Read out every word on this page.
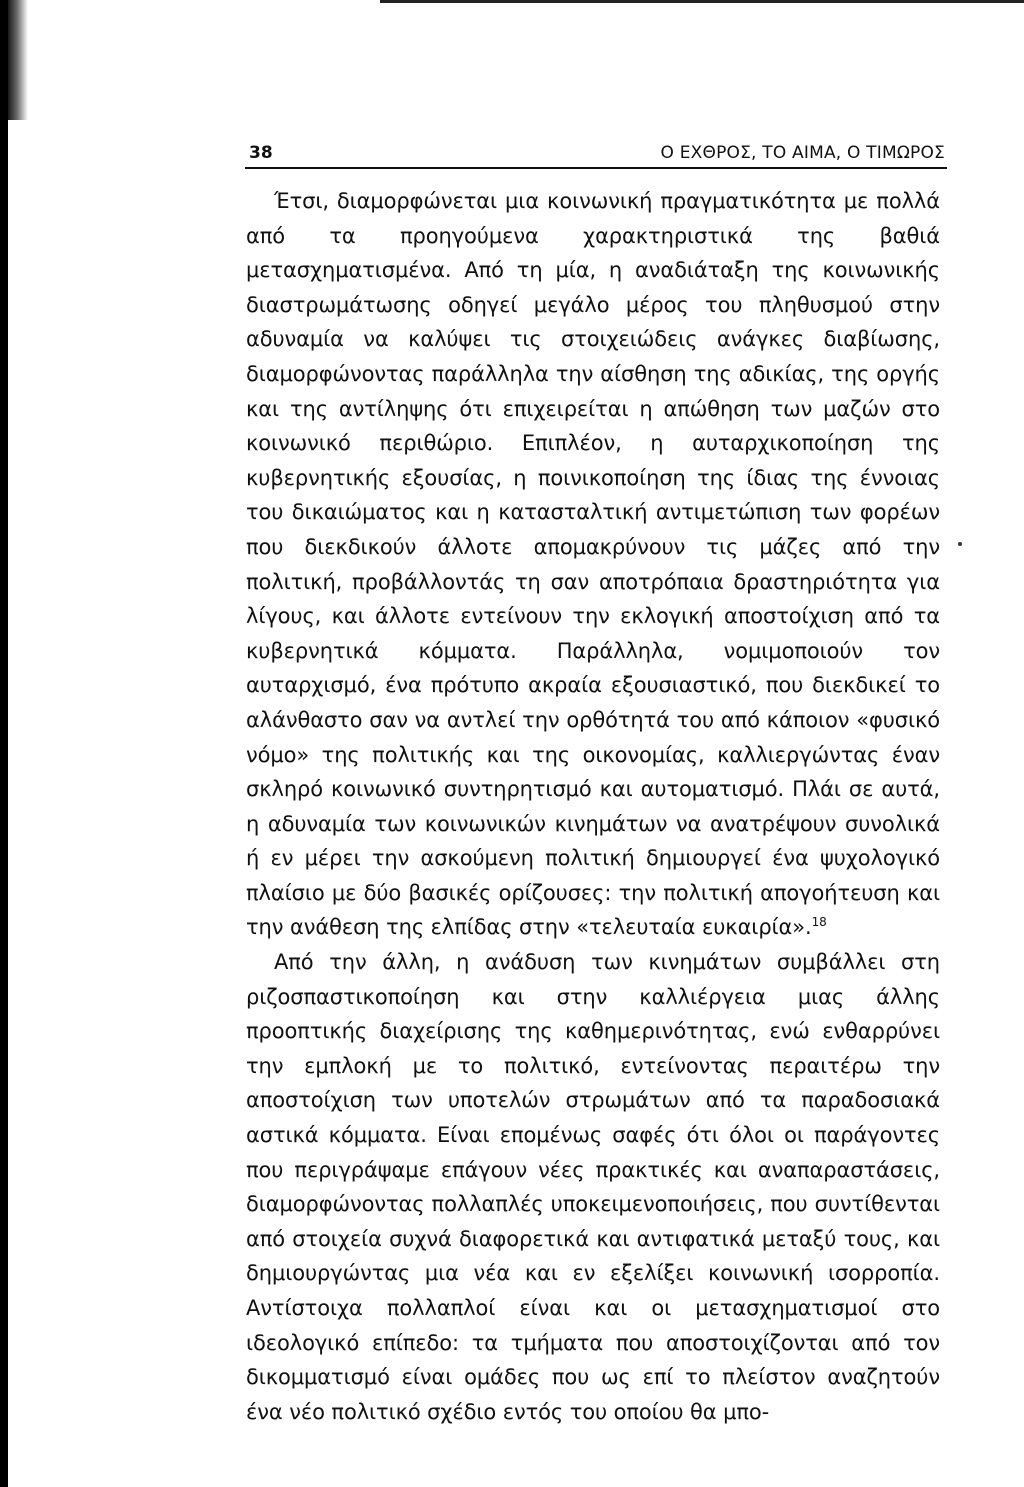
38	Ο ΕΧΘΡΟΣ, ΤΟ ΑΙΜΑ, Ο ΤΙΜΩΡΟΣ

Έτσι, διαμορφώνεται μια κοινωνική πραγματικότητα με πολλά από τα προηγούμενα χαρακτηριστικά της βαθιά μετασχηματισμένα. Από τη μία, η αναδιάταξη της κοινωνικής διαστρωμάτωσης οδηγεί μεγάλο μέρος του πληθυσμού στην αδυναμία να καλύψει τις στοιχειώδεις ανάγκες διαβίωσης, διαμορφώνοντας παράλληλα την αίσθηση της αδικίας, της οργής και της αντίληψης ότι επιχειρείται η απώθηση των μαζών στο κοινωνικό περιθώριο. Επιπλέον, η αυταρχικοποίηση της κυβερνητικής εξουσίας, η ποινικοποίηση της ίδιας της έννοιας του δικαιώματος και η κατασταλτική αντιμετώπιση των φορέων που διεκδικούν άλλοτε απομακρύνουν τις μάζες από την πολιτική, προβάλλοντάς τη σαν αποτρόπαια δραστηριότητα για λίγους, και άλλοτε εντείνουν την εκλογική αποστοίχιση από τα κυβερνητικά κόμματα. Παράλληλα, νομιμοποιούν τον αυταρχισμό, ένα πρότυπο ακραία εξουσιαστικό, που διεκδικεί το αλάνθαστο σαν να αντλεί την ορθότητά του από κάποιον «φυσικό νόμο» της πολιτικής και της οικονομίας, καλλιεργώντας έναν σκληρό κοινωνικό συντηρητισμό και αυτοματισμό. Πλάι σε αυτά, η αδυναμία των κοινωνικών κινημάτων να ανατρέψουν συνολικά ή εν μέρει την ασκούμενη πολιτική δημιουργεί ένα ψυχολογικό πλαίσιο με δύο βασικές ορίζουσες: την πολιτική απογοήτευση και την ανάθεση της ελπίδας στην «τελευταία ευκαιρία».$^{18}$

Από την άλλη, η ανάδυση των κινημάτων συμβάλλει στη ριζοσπαστικοποίηση και στην καλλιέργεια μιας άλλης προοπτικής διαχείρισης της καθημερινότητας, ενώ ενθαρρύνει την εμπλοκή με το πολιτικό, εντείνοντας περαιτέρω την αποστοίχιση των υποτελών στρωμάτων από τα παραδοσιακά αστικά κόμματα. Είναι επομένως σαφές ότι όλοι οι παράγοντες που περιγράψαμε επάγουν νέες πρακτικές και αναπαραστάσεις, διαμορφώνοντας πολλαπλές υποκειμενοποιήσεις, που συντίθενται από στοιχεία συχνά διαφορετικά και αντιφατικά μεταξύ τους, και δημιουργώντας μια νέα και εν εξελίξει κοινωνική ισορροπία. Αντίστοιχα πολλαπλοί είναι και οι μετασχηματισμοί στο ιδεολογικό επίπεδο: τα τμήματα που αποστοιχίζονται από τον δικομματισμό είναι ομάδες που ως επί το πλείστον αναζητούν ένα νέο πολιτικό σχέδιο εντός του οποίου θα μπο-
